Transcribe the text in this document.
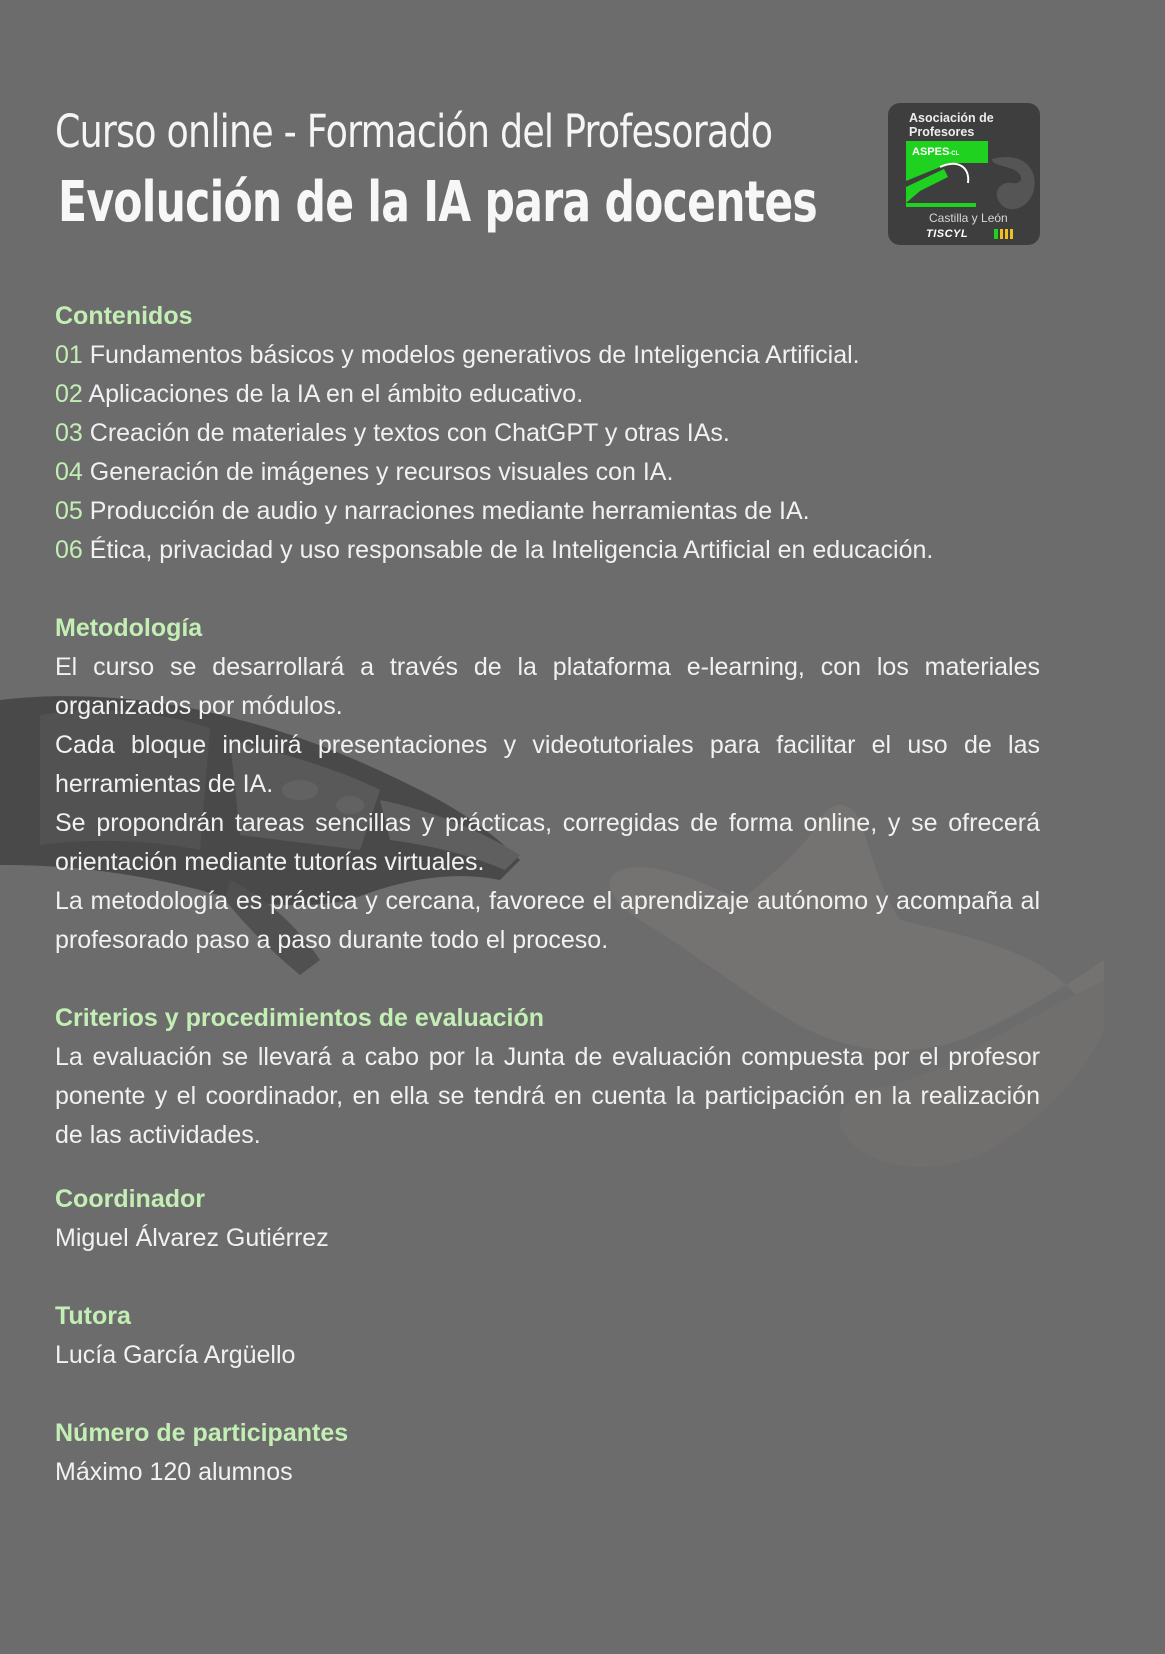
Curso online - Formación del Profesorado
Evolución de la IA para docentes
Asociación de
Profesores
ASPES-CL
Castilla y León
TISCYL
Contenidos
01 Fundamentos básicos y modelos generativos de Inteligencia Artificial.
02 Aplicaciones de la IA en el ámbito educativo.
03 Creación de materiales y textos con ChatGPT y otras IAs.
04 Generación de imágenes y recursos visuales con IA.
05 Producción de audio y narraciones mediante herramientas de IA.
06 Ética, privacidad y uso responsable de la Inteligencia Artificial en educación.
Metodología
El curso se desarrollará a través de la plataforma e-learning, con los materiales organizados por módulos.
Cada bloque incluirá presentaciones y videotutoriales para facilitar el uso de las herramientas de IA.
Se propondrán tareas sencillas y prácticas, corregidas de forma online, y se ofrecerá orientación mediante tutorías virtuales.
La metodología es práctica y cercana, favorece el aprendizaje autónomo y acompaña al profesorado paso a paso durante todo el proceso.
Criterios y procedimientos de evaluación
La evaluación se llevará a cabo por la Junta de evaluación compuesta por el profesor ponente y el coordinador, en ella se tendrá en cuenta la participación en la realización de las actividades.
Coordinador
Miguel Álvarez Gutiérrez
Tutora
Lucía García Argüello
Número de participantes
Máximo 120 alumnos
